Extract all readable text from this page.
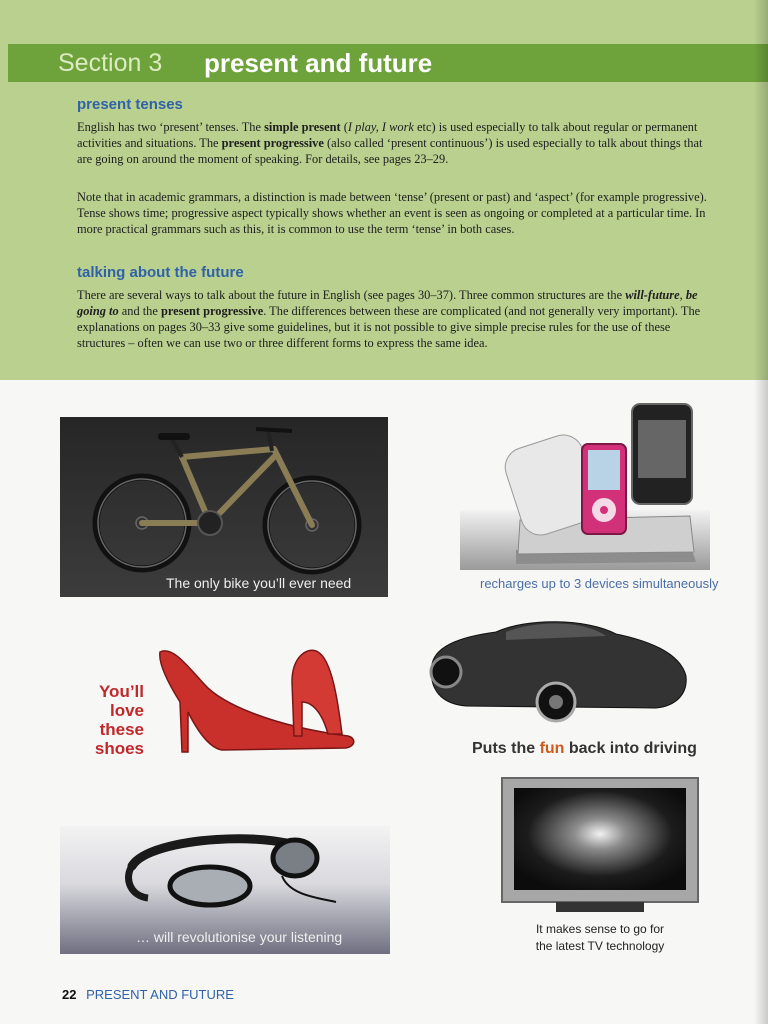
Section 3 present and future
present tenses

English has two ‘present’ tenses. The simple present (I play, I work etc) is used especially to talk about regular or permanent activities and situations. The present progressive (also called ‘present continuous’) is used especially to talk about things that are going on around the moment of speaking. For details, see pages 23–29.

Note that in academic grammars, a distinction is made between ‘tense’ (present or past) and ‘aspect’ (for example progressive). Tense shows time; progressive aspect typically shows whether an event is seen as ongoing or completed at a particular time. In more practical grammars such as this, it is common to use the term ‘tense’ in both cases.

talking about the future

There are several ways to talk about the future in English (see pages 30–37). Three common structures are the will-future, be going to and the present progressive. The differences between these are complicated (and not generally very important). The explanations on pages 30–33 give some guidelines, but it is not possible to give simple precise rules for the use of these structures – often we can use two or three different forms to express the same idea.

The only bike you’ll ever need	recharges up to 3 devices simultaneously
You’ll
love
these
shoes	Puts the fun back into driving
… will revolutionise your listening	It makes sense to go for
the latest TV technology
22 PRESENT AND FUTURE
